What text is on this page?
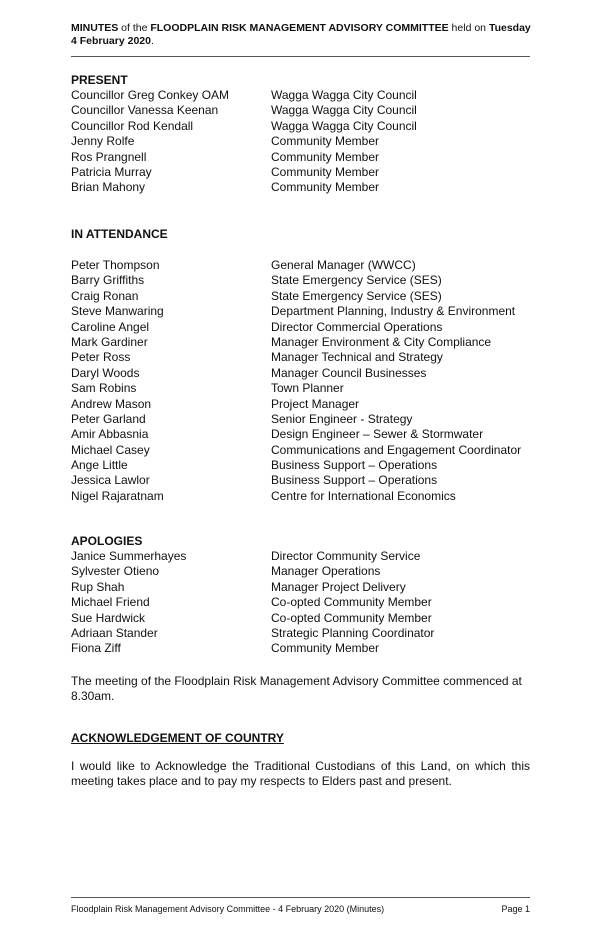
MINUTES of the FLOODPLAIN RISK MANAGEMENT ADVISORY COMMITTEE held on Tuesday 4 February 2020.
PRESENT
Councillor Greg Conkey OAM	Wagga Wagga City Council
Councillor Vanessa Keenan	Wagga Wagga City Council
Councillor Rod Kendall	Wagga Wagga City Council
Jenny Rolfe	Community Member
Ros Prangnell	Community Member
Patricia Murray	Community Member
Brian Mahony	Community Member
IN ATTENDANCE
Peter Thompson	General Manager (WWCC)
Barry Griffiths	State Emergency Service (SES)
Craig Ronan	State Emergency Service (SES)
Steve Manwaring	Department Planning, Industry & Environment
Caroline Angel	Director Commercial Operations
Mark Gardiner	Manager Environment & City Compliance
Peter Ross	Manager Technical and Strategy
Daryl Woods	Manager Council Businesses
Sam Robins	Town Planner
Andrew Mason	Project Manager
Peter Garland	Senior Engineer - Strategy
Amir Abbasnia	Design Engineer – Sewer & Stormwater
Michael Casey	Communications and Engagement Coordinator
Ange Little	Business Support – Operations
Jessica Lawlor	Business Support – Operations
Nigel Rajaratnam	Centre for International Economics
APOLOGIES
Janice Summerhayes	Director Community Service
Sylvester Otieno	Manager Operations
Rup Shah	Manager Project Delivery
Michael Friend	Co-opted Community Member
Sue Hardwick	Co-opted Community Member
Adriaan Stander	Strategic Planning Coordinator
Fiona Ziff	Community Member
The meeting of the Floodplain Risk Management Advisory Committee commenced at 8.30am.
ACKNOWLEDGEMENT OF COUNTRY
I would like to Acknowledge the Traditional Custodians of this Land, on which this meeting takes place and to pay my respects to Elders past and present.
Floodplain Risk Management Advisory Committee - 4 February 2020 (Minutes)	Page 1
